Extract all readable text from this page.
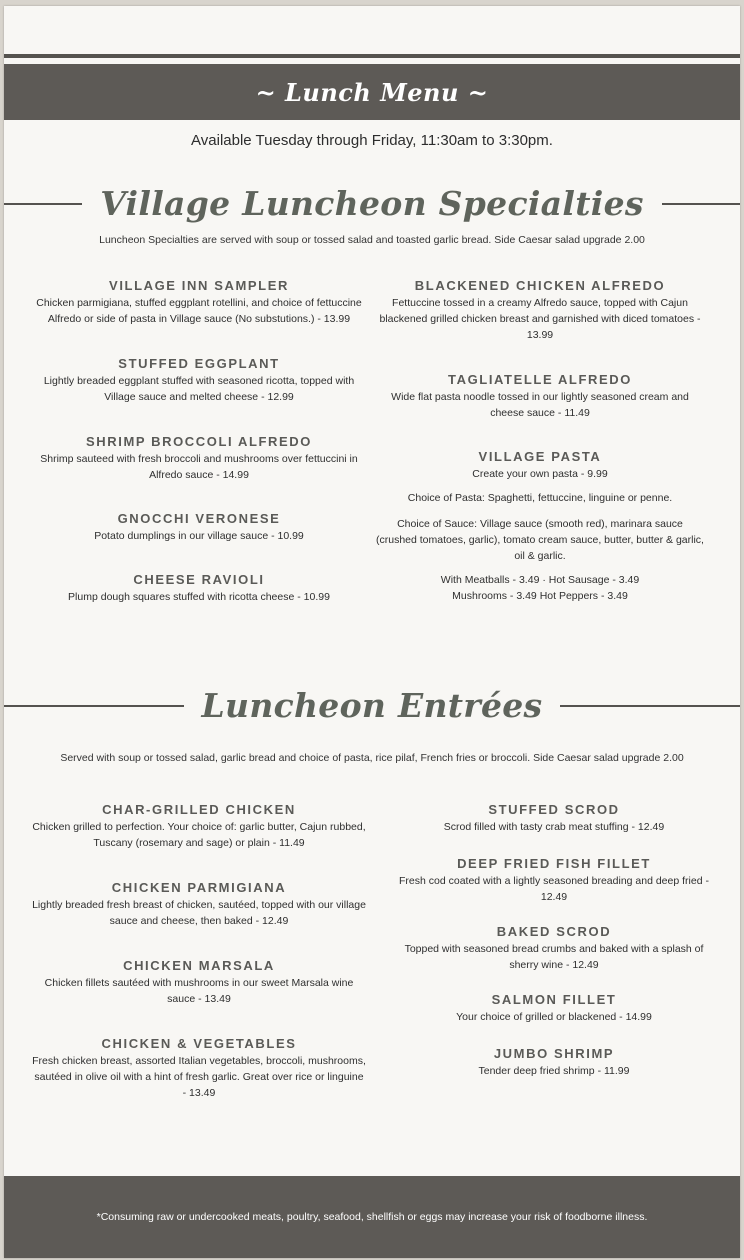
~ Lunch Menu ~
Available Tuesday through Friday, 11:30am to 3:30pm.
Village Luncheon Specialties
Luncheon Specialties are served with soup or tossed salad and toasted garlic bread. Side Caesar salad upgrade 2.00
VILLAGE INN SAMPLER
Chicken parmigiana, stuffed eggplant rotellini, and choice of fettuccine Alfredo or side of pasta in Village sauce (No substutions.) - 13.99
STUFFED EGGPLANT
Lightly breaded eggplant stuffed with seasoned ricotta, topped with Village sauce and melted cheese - 12.99
SHRIMP BROCCOLI ALFREDO
Shrimp sauteed with fresh broccoli and mushrooms over fettuccini in Alfredo sauce - 14.99
GNOCCHI VERONESE
Potato dumplings in our village sauce - 10.99
CHEESE RAVIOLI
Plump dough squares stuffed with ricotta cheese - 10.99
BLACKENED CHICKEN ALFREDO
Fettuccine tossed in a creamy Alfredo sauce, topped with Cajun blackened grilled chicken breast and garnished with diced tomatoes - 13.99
TAGLIATELLE ALFREDO
Wide flat pasta noodle tossed in our lightly seasoned cream and cheese sauce - 11.49
VILLAGE PASTA
Create your own pasta - 9.99
Choice of Pasta: Spaghetti, fettuccine, linguine or penne.
Choice of Sauce: Village sauce (smooth red), marinara sauce (crushed tomatoes, garlic), tomato cream sauce, butter, butter & garlic, oil & garlic.
With Meatballs - 3.49 · Hot Sausage - 3.49
Mushrooms - 3.49 Hot Peppers - 3.49
Luncheon Entrées
Served with soup or tossed salad, garlic bread and choice of pasta, rice pilaf, French fries or broccoli. Side Caesar salad upgrade 2.00
CHAR-GRILLED CHICKEN
Chicken grilled to perfection. Your choice of: garlic butter, Cajun rubbed, Tuscany (rosemary and sage) or plain - 11.49
CHICKEN PARMIGIANA
Lightly breaded fresh breast of chicken, sautéed, topped with our village sauce and cheese, then baked - 12.49
CHICKEN MARSALA
Chicken fillets sautéed with mushrooms in our sweet Marsala wine sauce - 13.49
CHICKEN & VEGETABLES
Fresh chicken breast, assorted Italian vegetables, broccoli, mushrooms, sautéed in olive oil with a hint of fresh garlic. Great over rice or linguine - 13.49
STUFFED SCROD
Scrod filled with tasty crab meat stuffing - 12.49
DEEP FRIED FISH FILLET
Fresh cod coated with a lightly seasoned breading and deep fried - 12.49
BAKED SCROD
Topped with seasoned bread crumbs and baked with a splash of sherry wine - 12.49
SALMON FILLET
Your choice of grilled or blackened - 14.99
JUMBO SHRIMP
Tender deep fried shrimp - 11.99
*Consuming raw or undercooked meats, poultry, seafood, shellfish or eggs may increase your risk of foodborne illness.
